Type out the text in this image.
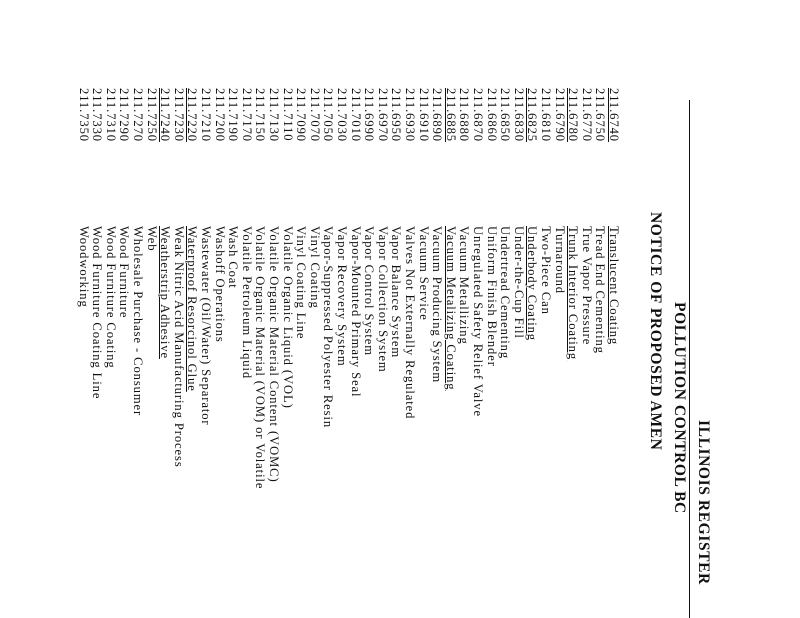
ILLINOIS REGISTER
POLLUTION CONTROL BC
NOTICE OF PROPOSED AMEN
211.6740
Translucent Coating
211.6750
Tread End Cementing
211.6770
True Vapor Pressure
211.6780
Trunk Interior Coating
211.6790
Turnaround
211.6810
Two-Piece Can
211.6825
Underbody Coating
211.6830
Under-the-Cup Fill
211.6850
Undertread Cementing
211.6860
Uniform Finish Blender
211.6870
Unregulated Safety Relief Valve
211.6880
Vacuum Metallizing
211.6885
Vacuum Metalizing Coating
211.6890
Vacuum Producing System
211.6910
Vacuum Service
211.6930
Valves Not Externally Regulated
211.6950
Vapor Balance System
211.6970
Vapor Collection System
211.6990
Vapor Control System
211.7010
Vapor-Mounted Primary Seal
211.7030
Vapor Recovery System
211.7050
Vapor-Suppressed Polyester Resin
211.7070
Vinyl Coating
211.7090
Vinyl Coating Line
211.7110
Volatile Organic Liquid (VOL)
211.7130
Volatile Organic Material Content (VOMC)
211.7150
Volatile Organic Material (VOM) or Volatile
211.7170
Volatile Petroleum Liquid
211.7190
Wash Coat
211.7200
Washoff Operations
211.7210
Wastewater (Oil/Water) Separator
211.7220
Waterproof Resorcinol Glue
211.7230
Weak Nitric Acid Manufacturing Process
211.7240
Weatherstrip Adhesive
211.7250
Web
211.7270
Wholesale Purchase - Consumer
211.7290
Wood Furniture
211.7310
Wood Furniture Coating
211.7330
Wood Furniture Coating Line
211.7350
Woodworking
